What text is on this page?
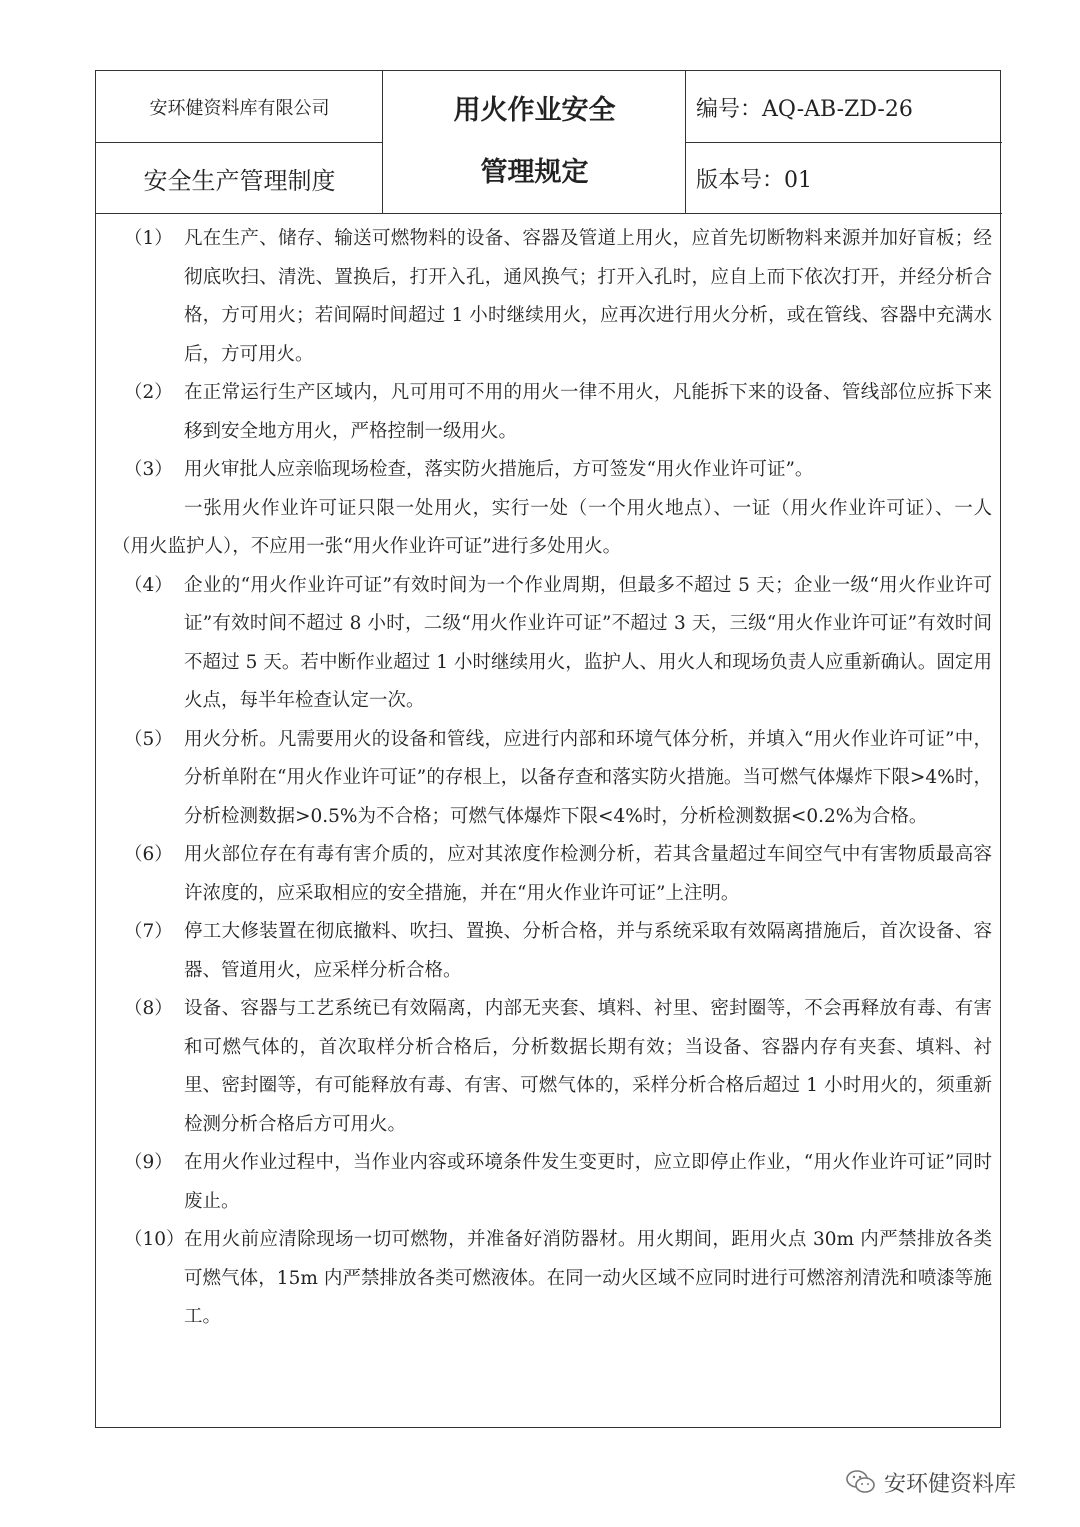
安环健资料库有限公司
安全生产管理制度
用火作业安全
管理规定
编号：AQ-AB-ZD-26
版本号：01
（1） 凡在生产、储存、输送可燃物料的设备、容器及管道上用火，应首先切断物料来源并加好盲板；经彻底吹扫、清洗、置换后，打开入孔，通风换气；打开入孔时，应自上而下依次打开，并经分析合格，方可用火；若间隔时间超过 1 小时继续用火，应再次进行用火分析，或在管线、容器中充满水后，方可用火。
（2） 在正常运行生产区域内，凡可用可不用的用火一律不用火，凡能拆下来的设备、管线部位应拆下来移到安全地方用火，严格控制一级用火。
（3） 用火审批人应亲临现场检查，落实防火措施后，方可签发“用火作业许可证”。
一张用火作业许可证只限一处用火，实行一处（一个用火地点）、一证（用火作业许可证）、一人（用火监护人），不应用一张“用火作业许可证”进行多处用火。
（4） 企业的“用火作业许可证”有效时间为一个作业周期，但最多不超过 5 天；企业一级“用火作业许可证”有效时间不超过 8 小时，二级“用火作业许可证”不超过 3 天，三级“用火作业许可证”有效时间不超过 5 天。若中断作业超过 1 小时继续用火，监护人、用火人和现场负责人应重新确认。固定用火点，每半年检查认定一次。
（5） 用火分析。凡需要用火的设备和管线，应进行内部和环境气体分析，并填入“用火作业许可证”中，分析单附在“用火作业许可证”的存根上，以备存查和落实防火措施。当可燃气体爆炸下限>4%时，分析检测数据>0.5%为不合格；可燃气体爆炸下限<4%时，分析检测数据<0.2%为合格。
（6） 用火部位存在有毒有害介质的，应对其浓度作检测分析，若其含量超过车间空气中有害物质最高容许浓度的，应采取相应的安全措施，并在“用火作业许可证”上注明。
（7） 停工大修装置在彻底撤料、吹扫、置换、分析合格，并与系统采取有效隔离措施后，首次设备、容器、管道用火，应采样分析合格。
（8） 设备、容器与工艺系统已有效隔离，内部无夹套、填料、衬里、密封圈等，不会再释放有毒、有害和可燃气体的，首次取样分析合格后，分析数据长期有效；当设备、容器内存有夹套、填料、衬里、密封圈等，有可能释放有毒、有害、可燃气体的，采样分析合格后超过 1 小时用火的，须重新检测分析合格后方可用火。
（9） 在用火作业过程中，当作业内容或环境条件发生变更时，应立即停止作业，“用火作业许可证”同时废止。
（10） 在用火前应清除现场一切可燃物，并准备好消防器材。用火期间，距用火点 30m 内严禁排放各类可燃气体，15m 内严禁排放各类可燃液体。在同一动火区域不应同时进行可燃溶剂清洗和喷漆等施工。
安环健资料库
